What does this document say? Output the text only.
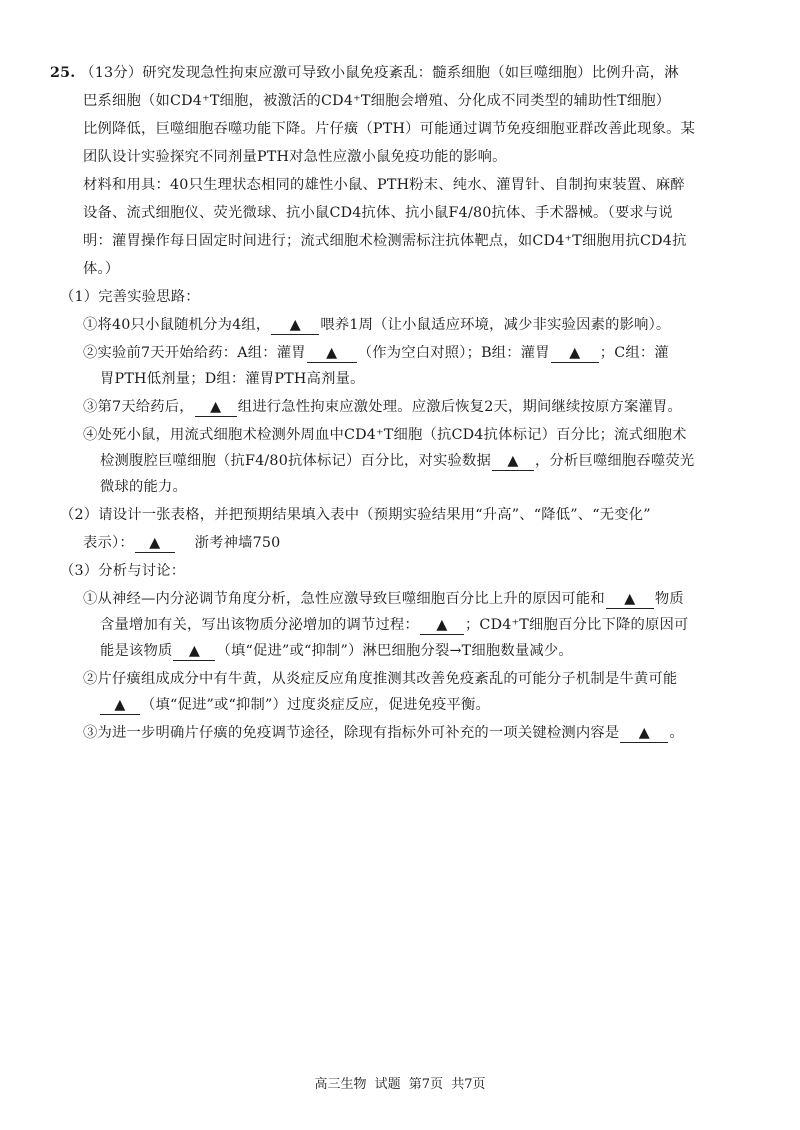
25. （13分）研究发现急性拘束应激可导致小鼠免疫紊乱：髓系细胞（如巨噬细胞）比例升高，淋
巴系细胞（如CD4⁺T细胞，被激活的CD4⁺T细胞会增殖、分化成不同类型的辅助性T细胞）
比例降低，巨噬细胞吞噬功能下降。片仔癀（PTH）可能通过调节免疫细胞亚群改善此现象。某
团队设计实验探究不同剂量PTH对急性应激小鼠免疫功能的影响。
材料和用具：40只生理状态相同的雄性小鼠、PTH粉末、纯水、灌胃针、自制拘束装置、麻醉
设备、流式细胞仪、荧光微球、抗小鼠CD4抗体、抗小鼠F4/80抗体、手术器械。（要求与说
明：灌胃操作每日固定时间进行；流式细胞术检测需标注抗体靶点，如CD4⁺T细胞用抗CD4抗
体。）
（1）完善实验思路：
①将40只小鼠随机分为4组， ▲ 喂养1周（让小鼠适应环境，减少非实验因素的影响）。
②实验前7天开始给药：A组：灌胃 ▲ （作为空白对照）；B组：灌胃 ▲ ；C组：灌
胃PTH低剂量；D组：灌胃PTH高剂量。
③第7天给药后， ▲ 组进行急性拘束应激处理。应激后恢复2天，期间继续按原方案灌胃。
④处死小鼠，用流式细胞术检测外周血中CD4⁺T细胞（抗CD4抗体标记）百分比；流式细胞术
检测腹腔巨噬细胞（抗F4/80抗体标记）百分比，对实验数据 ▲ ，分析巨噬细胞吞噬荧光
微球的能力。
（2）请设计一张表格，并把预期结果填入表中（预期实验结果用“升高”、“降低”、“无变化”
表示）： ▲ 浙考神墙750
（3）分析与讨论：
①从神经—内分泌调节角度分析，急性应激导致巨噬细胞百分比上升的原因可能和 ▲ 物质
含量增加有关，写出该物质分泌增加的调节过程： ▲ ；CD4⁺T细胞百分比下降的原因可
能是该物质 ▲ （填“促进”或“抑制”）淋巴细胞分裂→T细胞数量减少。
②片仔癀组成成分中有牛黄，从炎症反应角度推测其改善免疫紊乱的可能分子机制是牛黄可能
▲ （填“促进”或“抑制”）过度炎症反应，促进免疫平衡。
③为进一步明确片仔癀的免疫调节途径，除现有指标外可补充的一项关键检测内容是 ▲ 。
高三生物 试题 第7页 共7页
